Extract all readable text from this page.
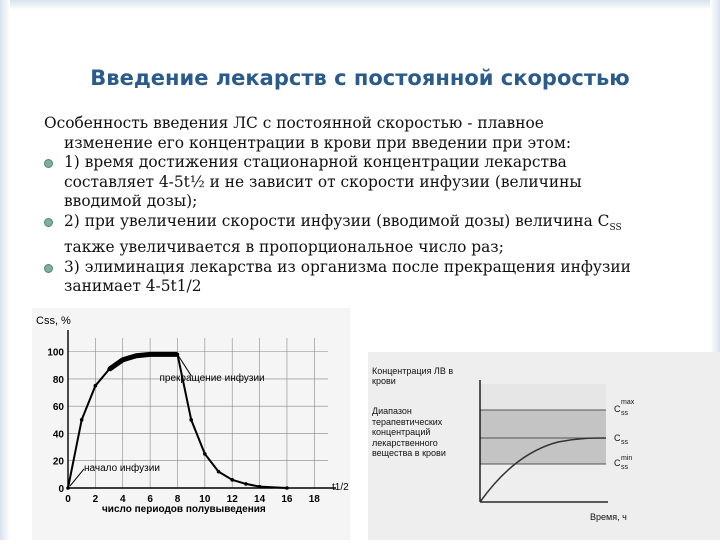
Введение лекарств с постоянной скоростью
Особенность введения ЛС с постоянной скоростью - плавное
изменение его концентрации в крови при введении при этом:
1) время достижения стационарной концентрации лекарства
составляет 4-5t½ и не зависит от скорости инфузии (величины
вводимой дозы);
2) при увеличении скорости инфузии (вводимой дозы) величина $C_{SS}$
также увеличивается в пропорциональное число раз;
3) элиминация лекарства из организма после прекращения инфузии
занимает 4-5t1/2
Css, %
число периодов полувыведения
t1/2
0
20
40
60
80
100
0 2 4 6 8 10 12 14 16 18
прекращение инфузии
начало инфузии
Концентрация ЛВ в крови
Диапазон терапевтических концентраций лекарственного вещества в крови
C
max
ss
C ss
C min
ss
Время, ч
